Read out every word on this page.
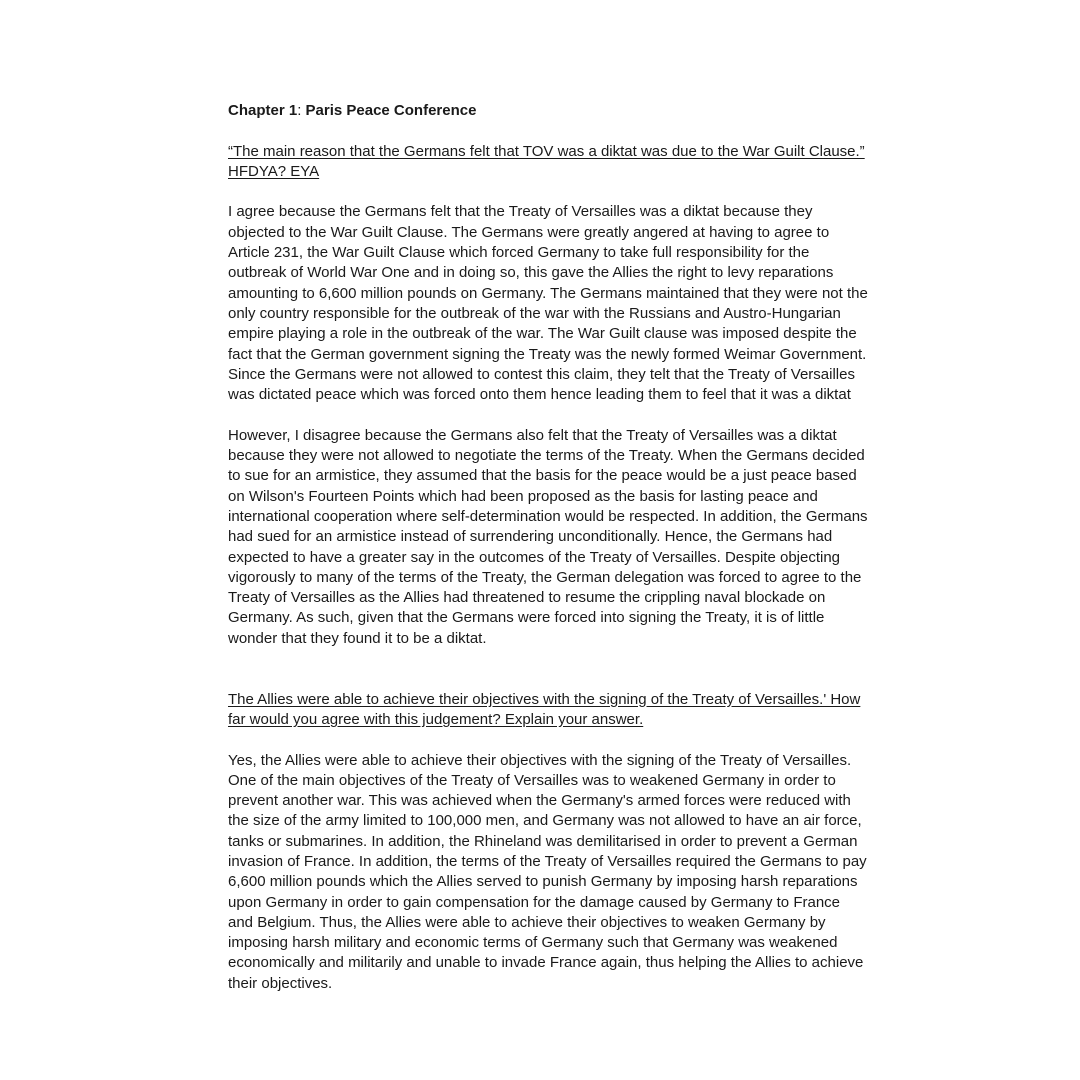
Chapter 1: Paris Peace Conference

“The main reason that the Germans felt that TOV was a diktat was due to the War Guilt Clause.” HFDYA? EYA

I agree because the Germans felt that the Treaty of Versailles was a diktat because they objected to the War Guilt Clause. The Germans were greatly angered at having to agree to Article 231, the War Guilt Clause which forced Germany to take full responsibility for the outbreak of World War One and in doing so, this gave the Allies the right to levy reparations amounting to 6,600 million pounds on Germany. The Germans maintained that they were not the only country responsible for the outbreak of the war with the Russians and Austro-Hungarian empire playing a role in the outbreak of the war. The War Guilt clause was imposed despite the fact that the German government signing the Treaty was the newly formed Weimar Government. Since the Germans were not allowed to contest this claim, they telt that the Treaty of Versailles was dictated peace which was forced onto them hence leading them to feel that it was a diktat

However, I disagree because the Germans also felt that the Treaty of Versailles was a diktat because they were not allowed to negotiate the terms of the Treaty. When the Germans decided to sue for an armistice, they assumed that the basis for the peace would be a just peace based on Wilson's Fourteen Points which had been proposed as the basis for lasting peace and international cooperation where self-determination would be respected. In addition, the Germans had sued for an armistice instead of surrendering unconditionally. Hence, the Germans had expected to have a greater say in the outcomes of the Treaty of Versailles. Despite objecting vigorously to many of the terms of the Treaty, the German delegation was forced to agree to the Treaty of Versailles as the Allies had threatened to resume the crippling naval blockade on Germany. As such, given that the Germans were forced into signing the Treaty, it is of little wonder that they found it to be a diktat.

The Allies were able to achieve their objectives with the signing of the Treaty of Versailles.' How far would you agree with this judgement? Explain your answer.

Yes, the Allies were able to achieve their objectives with the signing of the Treaty of Versailles. One of the main objectives of the Treaty of Versailles was to weakened Germany in order to prevent another war. This was achieved when the Germany's armed forces were reduced with the size of the army limited to 100,000 men, and Germany was not allowed to have an air force, tanks or submarines. In addition, the Rhineland was demilitarised in order to prevent a German invasion of France. In addition, the terms of the Treaty of Versailles required the Germans to pay 6,600 million pounds which the Allies served to punish Germany by imposing harsh reparations upon Germany in order to gain compensation for the damage caused by Germany to France and Belgium. Thus, the Allies were able to achieve their objectives to weaken Germany by imposing harsh military and economic terms of Germany such that Germany was weakened economically and militarily and unable to invade France again, thus helping the Allies to achieve their objectives.
